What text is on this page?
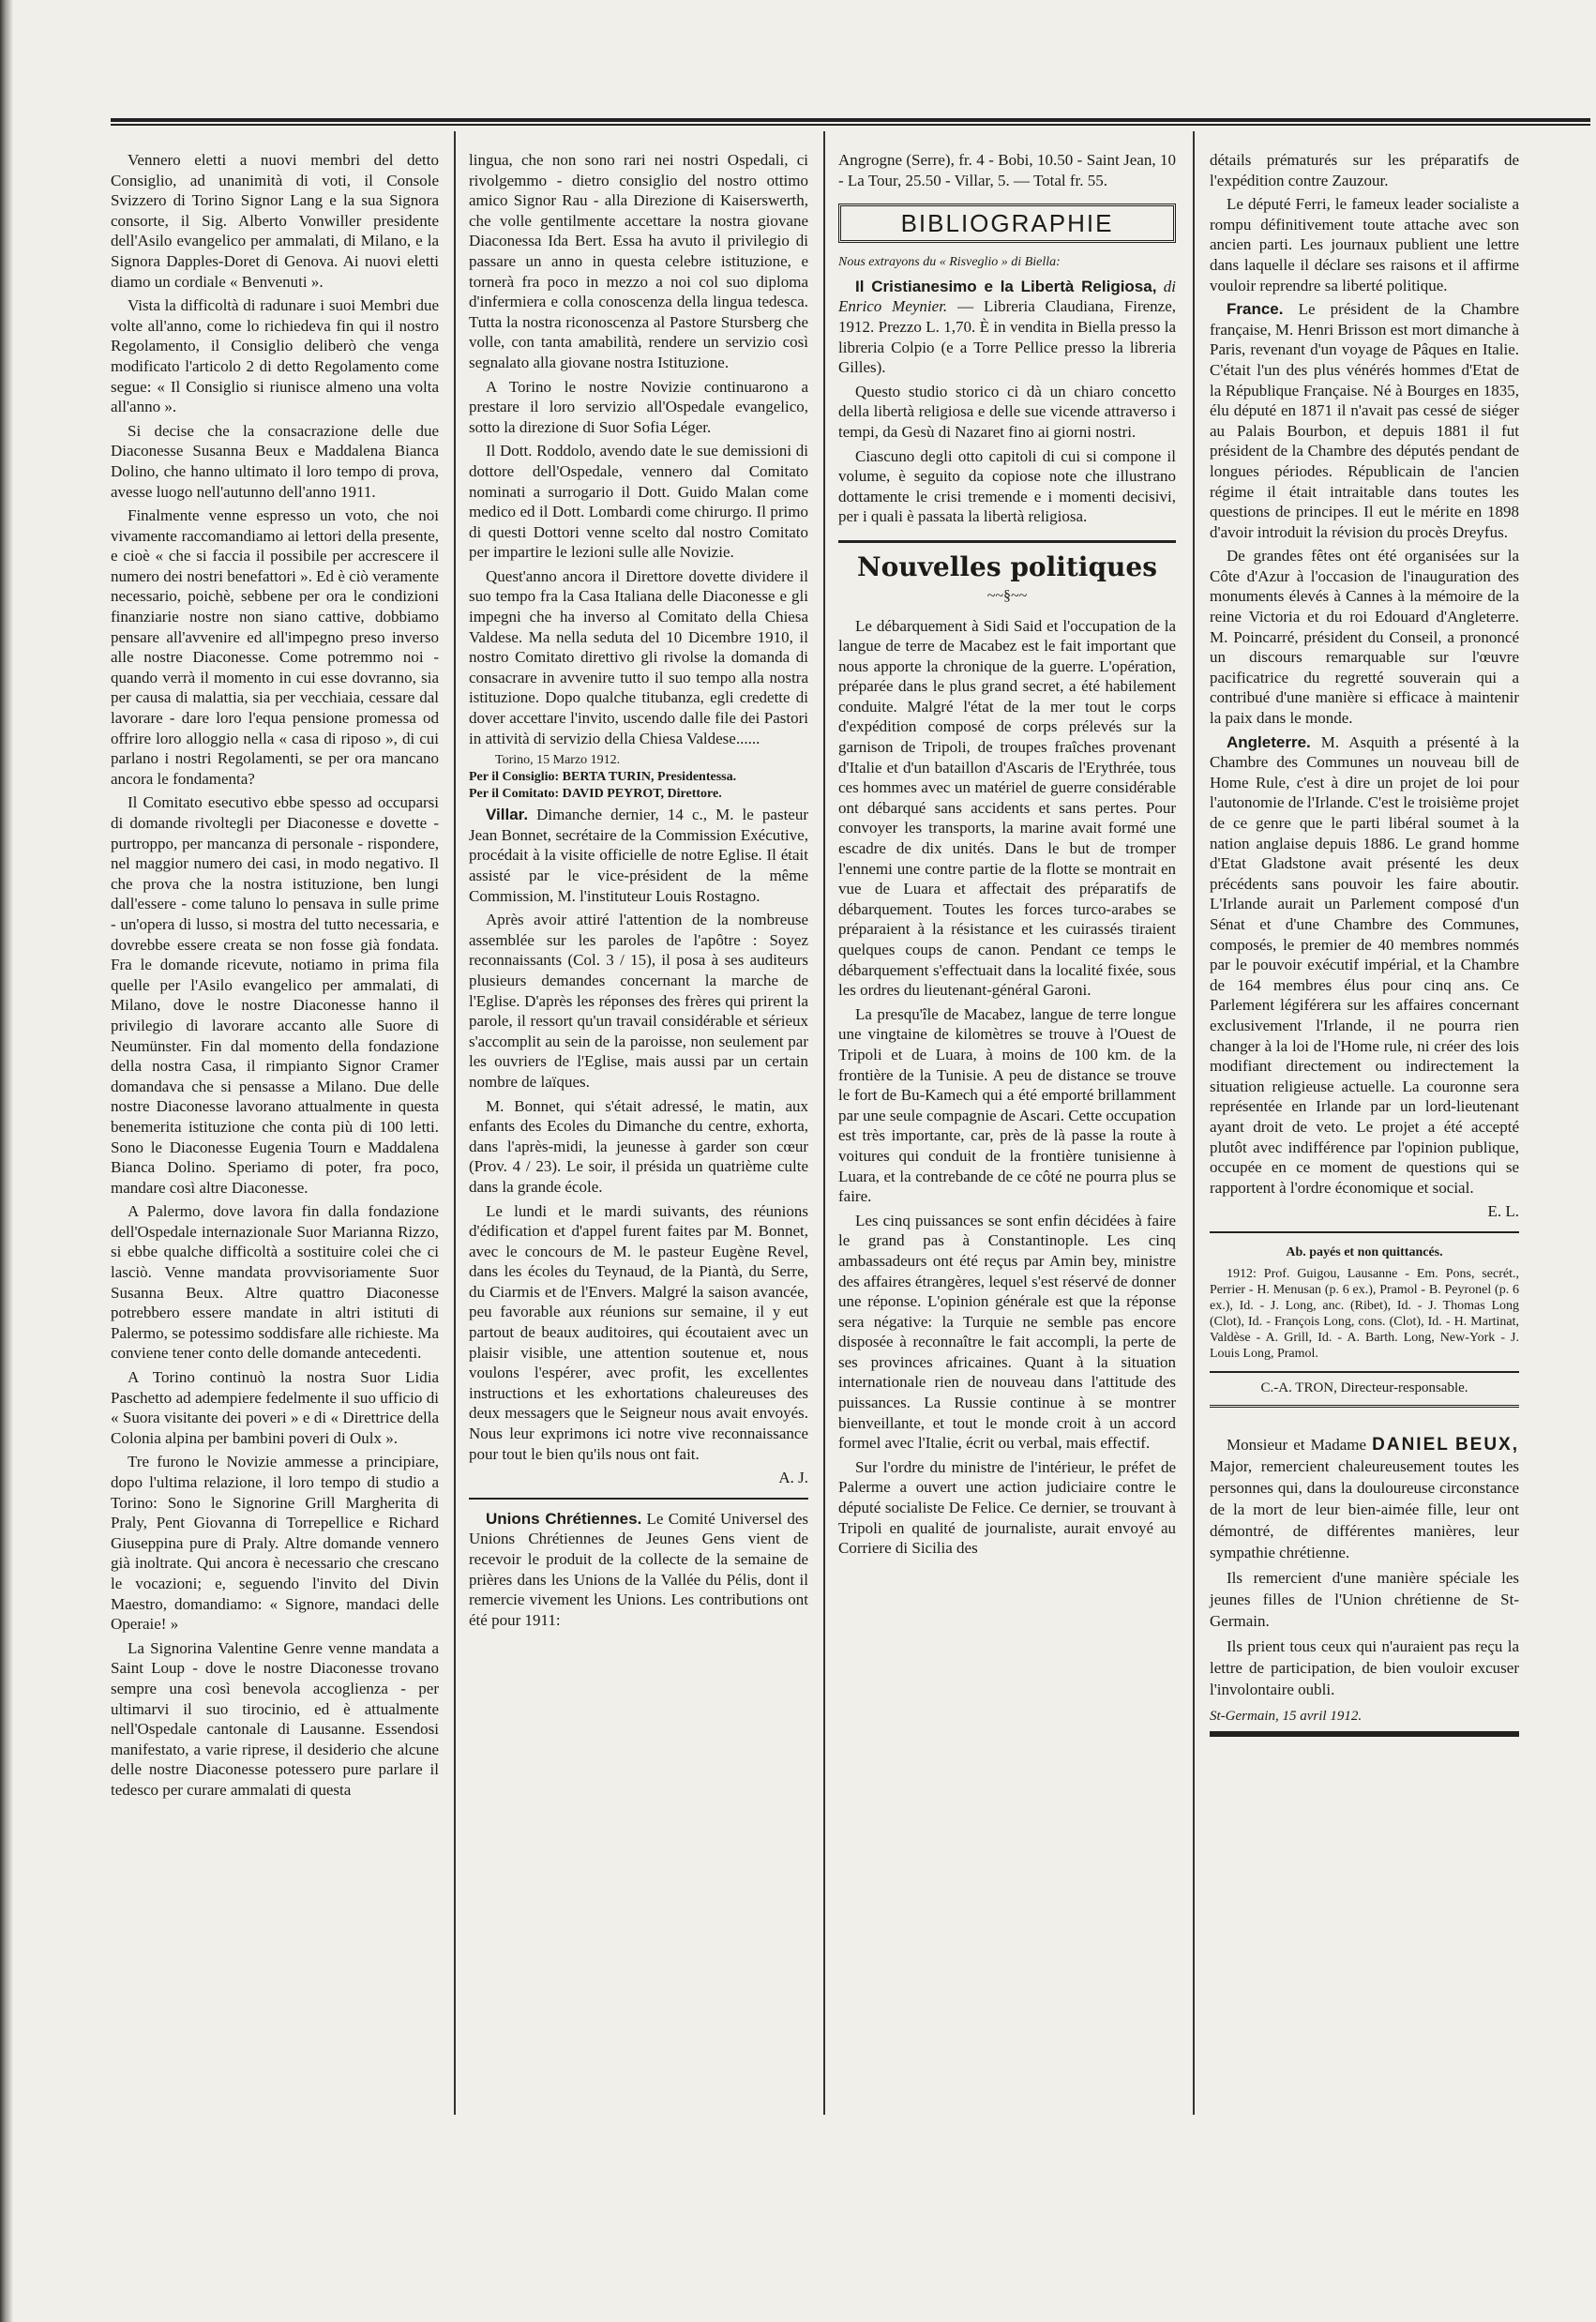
Vennero eletti a nuovi membri del detto Consiglio, ad unanimità di voti, il Console Svizzero di Torino Signor Lang e la sua Signora consorte, il Sig. Alberto Vonwiller presidente dell'Asilo evangelico per ammalati, di Milano, e la Signora Dapples-Doret di Genova. Ai nuovi eletti diamo un cordiale « Benvenuti ».

Vista la difficoltà di radunare i suoi Membri due volte all'anno, come lo richiedeva fin qui il nostro Regolamento, il Consiglio deliberò che venga modificato l'articolo 2 di detto Regolamento come segue: « Il Consiglio si riunisce almeno una volta all'anno ».

Si decise che la consacrazione delle due Diaconesse Susanna Beux e Maddalena Bianca Dolino, che hanno ultimato il loro tempo di prova, avesse luogo nell'autunno dell'anno 1911.

Finalmente venne espresso un voto, che noi vivamente raccomandiamo ai lettori della presente, e cioè « che si faccia il possibile per accrescere il numero dei nostri benefattori ». Ed è ciò veramente necessario, poichè, sebbene per ora le condizioni finanziarie nostre non siano cattive, dobbiamo pensare all'avvenire ed all'impegno preso inverso alle nostre Diaconesse. Come potremmo noi - quando verrà il momento in cui esse dovranno, sia per causa di malattia, sia per vecchiaia, cessare dal lavorare - dare loro l'equa pensione promessa od offrire loro alloggio nella « casa di riposo », di cui parlano i nostri Regolamenti, se per ora mancano ancora le fondamenta?

Il Comitato esecutivo ebbe spesso ad occuparsi di domande rivoltegli per Diaconesse e dovette - purtroppo, per mancanza di personale - rispondere, nel maggior numero dei casi, in modo negativo. Il che prova che la nostra istituzione, ben lungi dall'essere - come taluno lo pensava in sulle prime - un'opera di lusso, si mostra del tutto necessaria, e dovrebbe essere creata se non fosse già fondata. Fra le domande ricevute, notiamo in prima fila quelle per l'Asilo evangelico per ammalati, di Milano, dove le nostre Diaconesse hanno il privilegio di lavorare accanto alle Suore di Neumünster. Fin dal momento della fondazione della nostra Casa, il rimpianto Signor Cramer domandava che si pensasse a Milano. Due delle nostre Diaconesse lavorano attualmente in questa benemerita istituzione che conta più di 100 letti. Sono le Diaconesse Eugenia Tourn e Maddalena Bianca Dolino. Speriamo di poter, fra poco, mandare così altre Diaconesse.

A Palermo, dove lavora fin dalla fondazione dell'Ospedale internazionale Suor Marianna Rizzo, si ebbe qualche difficoltà a sostituire colei che ci lasciò. Venne mandata provvisoriamente Suor Susanna Beux. Altre quattro Diaconesse potrebbero essere mandate in altri istituti di Palermo, se potessimo soddisfare alle richieste. Ma conviene tener conto delle domande antecedenti.

A Torino continuò la nostra Suor Lidia Paschetto ad adempiere fedelmente il suo ufficio di « Suora visitante dei poveri » e di « Direttrice della Colonia alpina per bambini poveri di Oulx ».

Tre furono le Novizie ammesse a principiare, dopo l'ultima relazione, il loro tempo di studio a Torino: Sono le Signorine Grill Margherita di Praly, Pent Giovanna di Torrepellice e Richard Giuseppina pure di Praly. Altre domande vennero già inoltrate. Qui ancora è necessario che crescano le vocazioni; e, seguendo l'invito del Divin Maestro, domandiamo: « Signore, mandaci delle Operaie! »

La Signorina Valentine Genre venne mandata a Saint Loup - dove le nostre Diaconesse trovano sempre una così benevola accoglienza - per ultimarvi il suo tirocinio, ed è attualmente nell'Ospedale cantonale di Lausanne. Essendosi manifestato, a varie riprese, il desiderio che alcune delle nostre Diaconesse potessero pure parlare il tedesco per curare ammalati di questa

lingua, che non sono rari nei nostri Ospedali, ci rivolgemmo - dietro consiglio del nostro ottimo amico Signor Rau - alla Direzione di Kaiserswerth, che volle gentilmente accettare la nostra giovane Diaconessa Ida Bert. Essa ha avuto il privilegio di passare un anno in questa celebre istituzione, e tornerà fra poco in mezzo a noi col suo diploma d'infermiera e colla conoscenza della lingua tedesca. Tutta la nostra riconoscenza al Pastore Stursberg che volle, con tanta amabilità, rendere un servizio così segnalato alla giovane nostra Istituzione.

A Torino le nostre Novizie continuarono a prestare il loro servizio all'Ospedale evangelico, sotto la direzione di Suor Sofia Léger.

Il Dott. Roddolo, avendo date le sue demissioni di dottore dell'Ospedale, vennero dal Comitato nominati a surrogario il Dott. Guido Malan come medico ed il Dott. Lombardi come chirurgo. Il primo di questi Dottori venne scelto dal nostro Comitato per impartire le lezioni sulle alle Novizie.

Quest'anno ancora il Direttore dovette dividere il suo tempo fra la Casa Italiana delle Diaconesse e gli impegni che ha inverso al Comitato della Chiesa Valdese. Ma nella seduta del 10 Dicembre 1910, il nostro Comitato direttivo gli rivolse la domanda di consacrare in avvenire tutto il suo tempo alla nostra istituzione. Dopo qualche titubanza, egli credette di dover accettare l'invito, uscendo dalle file dei Pastori in attività di servizio della Chiesa Valdese......

Torino, 15 Marzo 1912.
Per il Consiglio: BERTA TURIN, Presidentessa.
Per il Comitato: DAVID PEYROT, Direttore.

Villar. Dimanche dernier, 14 c., M. le pasteur Jean Bonnet, secrétaire de la Commission Exécutive, procédait à la visite officielle de notre Eglise. Il était assisté par le vice-président de la même Commission, M. l'instituteur Louis Rostagno.

Après avoir attiré l'attention de la nombreuse assemblée sur les paroles de l'apôtre : Soyez reconnaissants (Col. 3 / 15), il posa à ses auditeurs plusieurs demandes concernant la marche de l'Eglise. D'après les réponses des frères qui prirent la parole, il ressort qu'un travail considérable et sérieux s'accomplit au sein de la paroisse, non seulement par les ouvriers de l'Eglise, mais aussi par un certain nombre de laïques.

M. Bonnet, qui s'était adressé, le matin, aux enfants des Ecoles du Dimanche du centre, exhorta, dans l'après-midi, la jeunesse à garder son cœur (Prov. 4 / 23). Le soir, il présida un quatrième culte dans la grande école.

Le lundi et le mardi suivants, des réunions d'édification et d'appel furent faites par M. Bonnet, avec le concours de M. le pasteur Eugène Revel, dans les écoles du Teynaud, de la Piantà, du Serre, du Ciarmis et de l'Envers. Malgré la saison avancée, peu favorable aux réunions sur semaine, il y eut partout de beaux auditoires, qui écoutaient avec un plaisir visible, une attention soutenue et, nous voulons l'espérer, avec profit, les excellentes instructions et les exhortations chaleureuses des deux messagers que le Seigneur nous avait envoyés. Nous leur exprimons ici notre vive reconnaissance pour tout le bien qu'ils nous ont fait.

A. J.

Unions Chrétiennes. Le Comité Universel des Unions Chrétiennes de Jeunes Gens vient de recevoir le produit de la collecte de la semaine de prières dans les Unions de la Vallée du Pélis, dont il remercie vivement les Unions. Les contributions ont été pour 1911:

Angrogne (Serre), fr. 4 - Bobi, 10.50 - Saint Jean, 10 - La Tour, 25.50 - Villar, 5. — Total fr. 55.

BIBLIOGRAPHIE

Nous extrayons du « Risveglio » di Biella:

Il Cristianesimo e la Libertà Religiosa, di Enrico Meynier. — Libreria Claudiana, Firenze, 1912. Prezzo L. 1,70. È in vendita in Biella presso la libreria Colpio (e a Torre Pellice presso la libreria Gilles).

Questo studio storico ci dà un chiaro concetto della libertà religiosa e delle sue vicende attraverso i tempi, da Gesù di Nazaret fino ai giorni nostri.

Ciascuno degli otto capitoli di cui si compone il volume, è seguito da copiose note che illustrano dottamente le crisi tremende e i momenti decisivi, per i quali è passata la libertà religiosa.

Nouvelles politiques
~~§~~

Le débarquement à Sidi Said et l'occupation de la langue de terre de Macabez est le fait important que nous apporte la chronique de la guerre. L'opération, préparée dans le plus grand secret, a été habilement conduite. Malgré l'état de la mer tout le corps d'expédition composé de corps prélevés sur la garnison de Tripoli, de troupes fraîches provenant d'Italie et d'un bataillon d'Ascaris de l'Erythrée, tous ces hommes avec un matériel de guerre considérable ont débarqué sans accidents et sans pertes. Pour convoyer les transports, la marine avait formé une escadre de dix unités. Dans le but de tromper l'ennemi une contre partie de la flotte se montrait en vue de Luara et affectait des préparatifs de débarquement. Toutes les forces turco-arabes se préparaient à la résistance et les cuirassés tiraient quelques coups de canon. Pendant ce temps le débarquement s'effectuait dans la localité fixée, sous les ordres du lieutenant-général Garoni.

La presqu'île de Macabez, langue de terre longue une vingtaine de kilomètres se trouve à l'Ouest de Tripoli et de Luara, à moins de 100 km. de la frontière de la Tunisie. A peu de distance se trouve le fort de Bu-Kamech qui a été emporté brillamment par une seule compagnie de Ascari. Cette occupation est très importante, car, près de là passe la route à voitures qui conduit de la frontière tunisienne à Luara, et la contrebande de ce côté ne pourra plus se faire.

Les cinq puissances se sont enfin décidées à faire le grand pas à Constantinople. Les cinq ambassadeurs ont été reçus par Amin bey, ministre des affaires étrangères, lequel s'est réservé de donner une réponse. L'opinion générale est que la réponse sera négative: la Turquie ne semble pas encore disposée à reconnaître le fait accompli, la perte de ses provinces africaines. Quant à la situation internationale rien de nouveau dans l'attitude des puissances. La Russie continue à se montrer bienveillante, et tout le monde croit à un accord formel avec l'Italie, écrit ou verbal, mais effectif.

Sur l'ordre du ministre de l'intérieur, le préfet de Palerme a ouvert une action judiciaire contre le député socialiste De Felice. Ce dernier, se trouvant à Tripoli en qualité de journaliste, aurait envoyé au Corriere di Sicilia des

détails prématurés sur les préparatifs de l'expédition contre Zauzour.

Le député Ferri, le fameux leader socialiste a rompu définitivement toute attache avec son ancien parti. Les journaux publient une lettre dans laquelle il déclare ses raisons et il affirme vouloir reprendre sa liberté politique.

France. Le président de la Chambre française, M. Henri Brisson est mort dimanche à Paris, revenant d'un voyage de Pâques en Italie. C'était l'un des plus vénérés hommes d'Etat de la République Française. Né à Bourges en 1835, élu député en 1871 il n'avait pas cessé de siéger au Palais Bourbon, et depuis 1881 il fut président de la Chambre des députés pendant de longues périodes. Républicain de l'ancien régime il était intraitable dans toutes les questions de principes. Il eut le mérite en 1898 d'avoir introduit la révision du procès Dreyfus.

De grandes fêtes ont été organisées sur la Côte d'Azur à l'occasion de l'inauguration des monuments élevés à Cannes à la mémoire de la reine Victoria et du roi Edouard d'Angleterre. M. Poincarré, président du Conseil, a prononcé un discours remarquable sur l'œuvre pacificatrice du regretté souverain qui a contribué d'une manière si efficace à maintenir la paix dans le monde.

Angleterre. M. Asquith a présenté à la Chambre des Communes un nouveau bill de Home Rule, c'est à dire un projet de loi pour l'autonomie de l'Irlande. C'est le troisième projet de ce genre que le parti libéral soumet à la nation anglaise depuis 1886. Le grand homme d'Etat Gladstone avait présenté les deux précédents sans pouvoir les faire aboutir. L'Irlande aurait un Parlement composé d'un Sénat et d'une Chambre des Communes, composés, le premier de 40 membres nommés par le pouvoir exécutif impérial, et la Chambre de 164 membres élus pour cinq ans. Ce Parlement légiférera sur les affaires concernant exclusivement l'Irlande, il ne pourra rien changer à la loi de l'Home rule, ni créer des lois modifiant directement ou indirectement la situation religieuse actuelle. La couronne sera représentée en Irlande par un lord-lieutenant ayant droit de veto. Le projet a été accepté plutôt avec indifférence par l'opinion publique, occupée en ce moment de questions qui se rapportent à l'ordre économique et social.

E. L.
Ab. payés et non quittancés.

1912: Prof. Guigou, Lausanne - Em. Pons, secrét., Perrier - H. Menusan (p. 6 ex.), Pramol - B. Peyronel (p. 6 ex.), Id. - J. Long, anc. (Ribet), Id. - J. Thomas Long (Clot), Id. - François Long, cons. (Clot), Id. - H. Martinat, Valdèse - A. Grill, Id. - A. Barth. Long, New-York - J. Louis Long, Pramol.

C.-A. TRON, Directeur-responsable.

Monsieur et Madame DANIEL BEUX, Major, remercient chaleureusement toutes les personnes qui, dans la douloureuse circonstance de la mort de leur bien-aimée fille, leur ont démontré, de différentes manières, leur sympathie chrétienne.

Ils remercient d'une manière spéciale les jeunes filles de l'Union chrétienne de St-Germain.

Ils prient tous ceux qui n'auraient pas reçu la lettre de participation, de bien vouloir excuser l'involontaire oubli.

St-Germain, 15 avril 1912.
